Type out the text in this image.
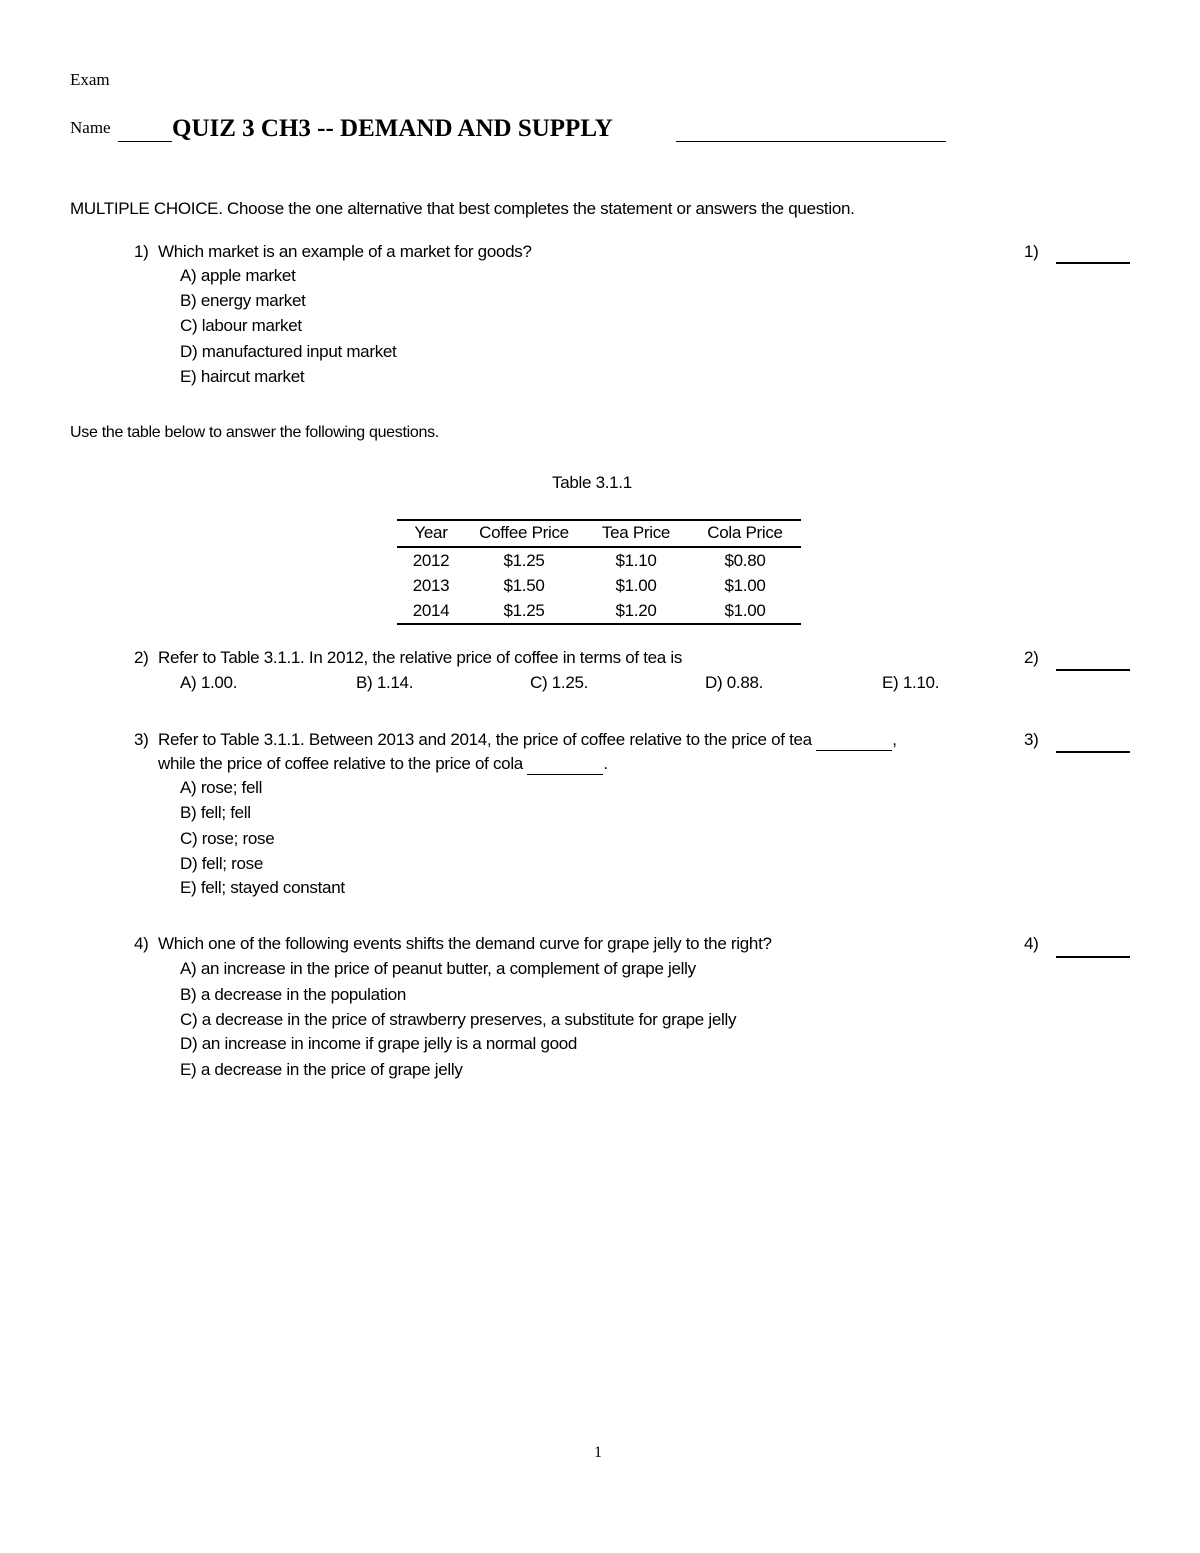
Exam
Name QUIZ 3 CH3 -- DEMAND AND SUPPLY
MULTIPLE CHOICE. Choose the one alternative that best completes the statement or answers the question.
1) Which market is an example of a market for goods?	1)
A) apple market
B) energy market
C) labour market
D) manufactured input market
E) haircut market
Use the table below to answer the following questions.
Table 3.1.1
Year	Coffee Price	Tea Price	Cola Price
2012	$1.25	$1.10	$0.80
2013	$1.50	$1.00	$1.00
2014	$1.25	$1.20	$1.00
2) Refer to Table 3.1.1. In 2012, the relative price of coffee in terms of tea is	2)
A) 1.00.	B) 1.14.	C) 1.25.	D) 0.88.	E) 1.10.
3) Refer to Table 3.1.1. Between 2013 and 2014, the price of coffee relative to the price of tea	,
while the price of coffee relative to the price of cola	.
3)
A) rose; fell
B) fell; fell
C) rose; rose
D) fell; rose
E) fell; stayed constant
4) Which one of the following events shifts the demand curve for grape jelly to the right?	4)
A) an increase in the price of peanut butter, a complement of grape jelly
B) a decrease in the population
C) a decrease in the price of strawberry preserves, a substitute for grape jelly
D) an increase in income if grape jelly is a normal good
E) a decrease in the price of grape jelly
1
